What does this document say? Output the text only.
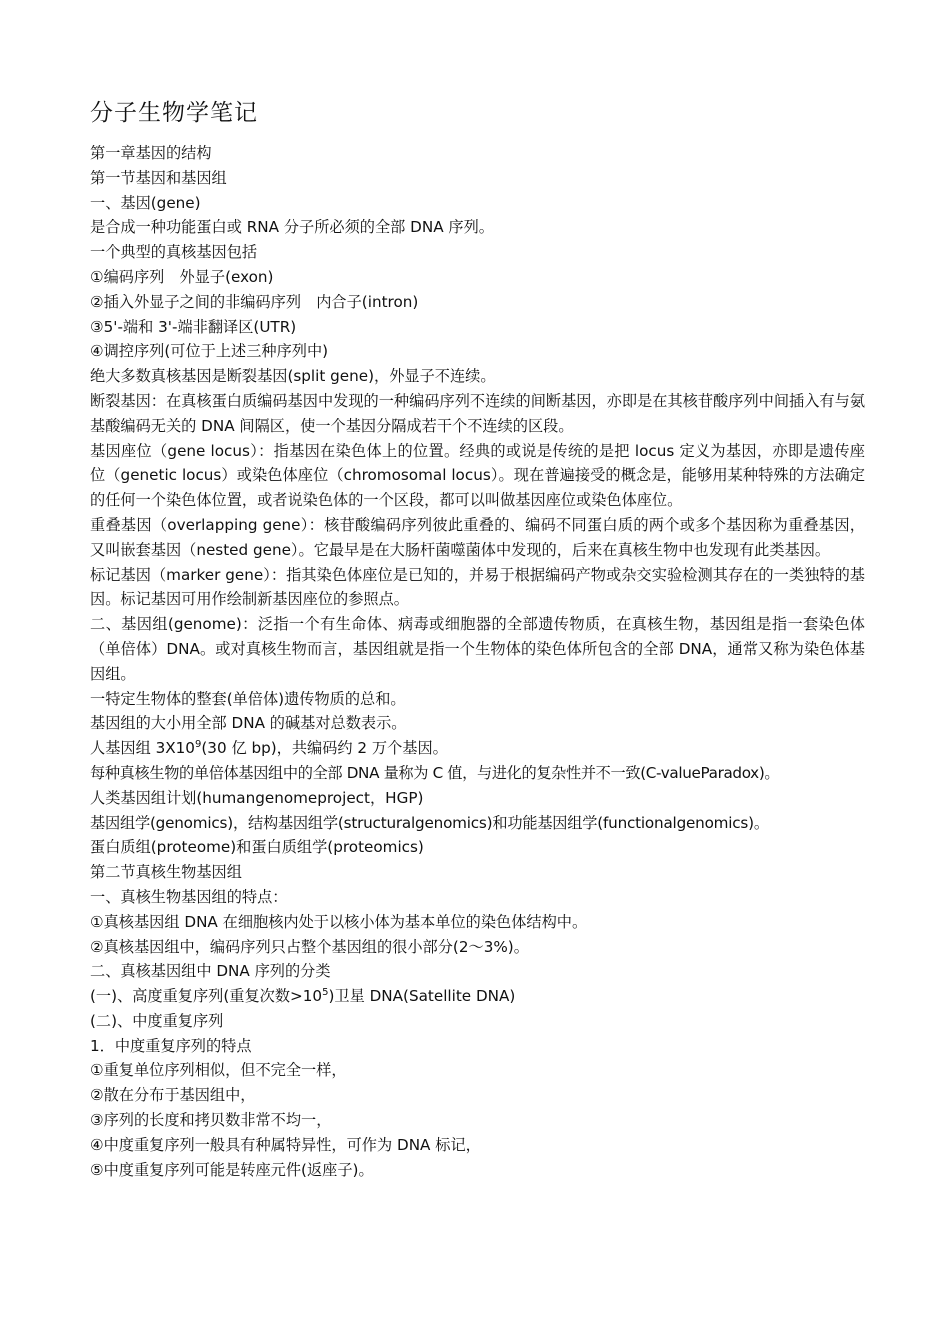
分子生物学笔记
第一章基因的结构
第一节基因和基因组
一、基因(gene)
是合成一种功能蛋白或 RNA 分子所必须的全部 DNA 序列。
一个典型的真核基因包括
①编码序列　外显子(exon)
②插入外显子之间的非编码序列　内合子(intron)
③5'-端和 3'-端非翻译区(UTR)
④调控序列(可位于上述三种序列中)
绝大多数真核基因是断裂基因(split gene)，外显子不连续。
断裂基因：在真核蛋白质编码基因中发现的一种编码序列不连续的间断基因，亦即是在其核苷酸序列中间插入有与氨基酸编码无关的 DNA 间隔区，使一个基因分隔成若干个不连续的区段。
基因座位（gene locus）：指基因在染色体上的位置。经典的或说是传统的是把 locus 定义为基因，亦即是遗传座位（genetic locus）或染色体座位（chromosomal locus）。现在普遍接受的概念是，能够用某种特殊的方法确定的任何一个染色体位置，或者说染色体的一个区段，都可以叫做基因座位或染色体座位。
重叠基因（overlapping gene）：核苷酸编码序列彼此重叠的、编码不同蛋白质的两个或多个基因称为重叠基因，又叫嵌套基因（nested gene）。它最早是在大肠杆菌噬菌体中发现的，后来在真核生物中也发现有此类基因。
标记基因（marker gene）：指其染色体座位是已知的，并易于根据编码产物或杂交实验检测其存在的一类独特的基因。标记基因可用作绘制新基因座位的参照点。
二、基因组(genome)：泛指一个有生命体、病毒或细胞器的全部遗传物质，在真核生物，基因组是指一套染色体（单倍体）DNA。或对真核生物而言，基因组就是指一个生物体的染色体所包含的全部 DNA，通常又称为染色体基因组。
一特定生物体的整套(单倍体)遗传物质的总和。
基因组的大小用全部 DNA 的碱基对总数表示。
人基因组 $3X10^9(30$ 亿 bp)，共编码约 2 万个基因。
每种真核生物的单倍体基因组中的全部 DNA 量称为 C 值，与进化的复杂性并不一致(C-valueParadox)。
人类基因组计划(humangenomeproject，HGP)
基因组学(genomics)，结构基因组学(structuralgenomics)和功能基因组学(functionalgenomics)。
蛋白质组(proteome)和蛋白质组学(proteomics)
第二节真核生物基因组
一、真核生物基因组的特点：
①真核基因组 DNA 在细胞核内处于以核小体为基本单位的染色体结构中。
②真核基因组中，编码序列只占整个基因组的很小部分(2～3%)。
二、真核基因组中 DNA 序列的分类
(一)、高度重复序列(重复次数$>10^5$)卫星 DNA(Satellite DNA)
(二)、中度重复序列
1．中度重复序列的特点
①重复单位序列相似，但不完全一样，
②散在分布于基因组中，
③序列的长度和拷贝数非常不均一，
④中度重复序列一般具有种属特异性，可作为 DNA 标记，
⑤中度重复序列可能是转座元件(返座子)。
